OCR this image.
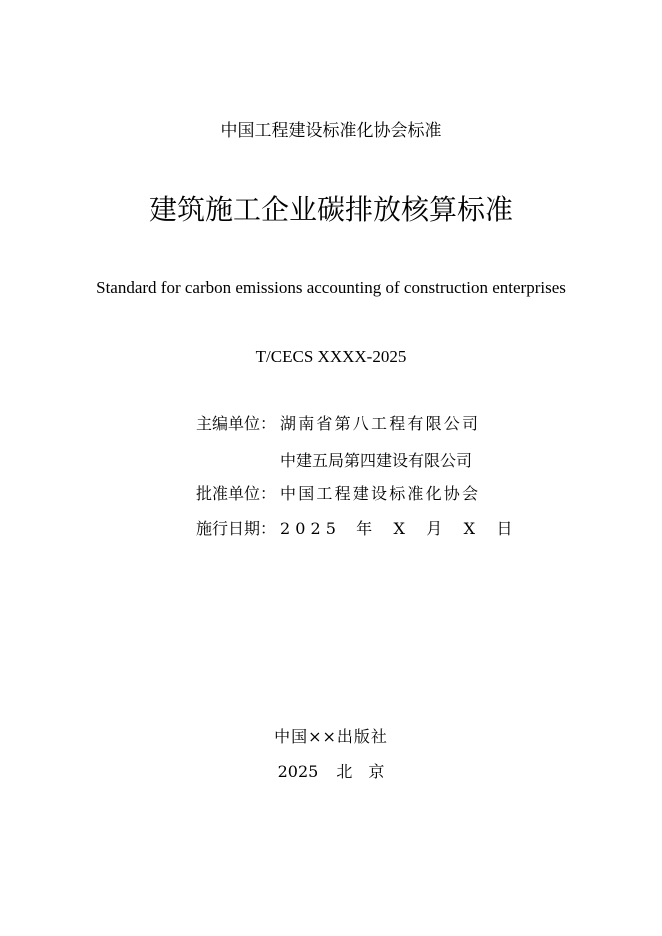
中国工程建设标准化协会标准
建筑施工企业碳排放核算标准
Standard for carbon emissions accounting of construction enterprises
T/CECS XXXX-2025
主编单位： 湖南省第八工程有限公司
中建五局第四建设有限公司
批准单位： 中国工程建设标准化协会
施行日期： 2 0 2 5 年 X 月 X 日
中国××出版社
2025 北 京
